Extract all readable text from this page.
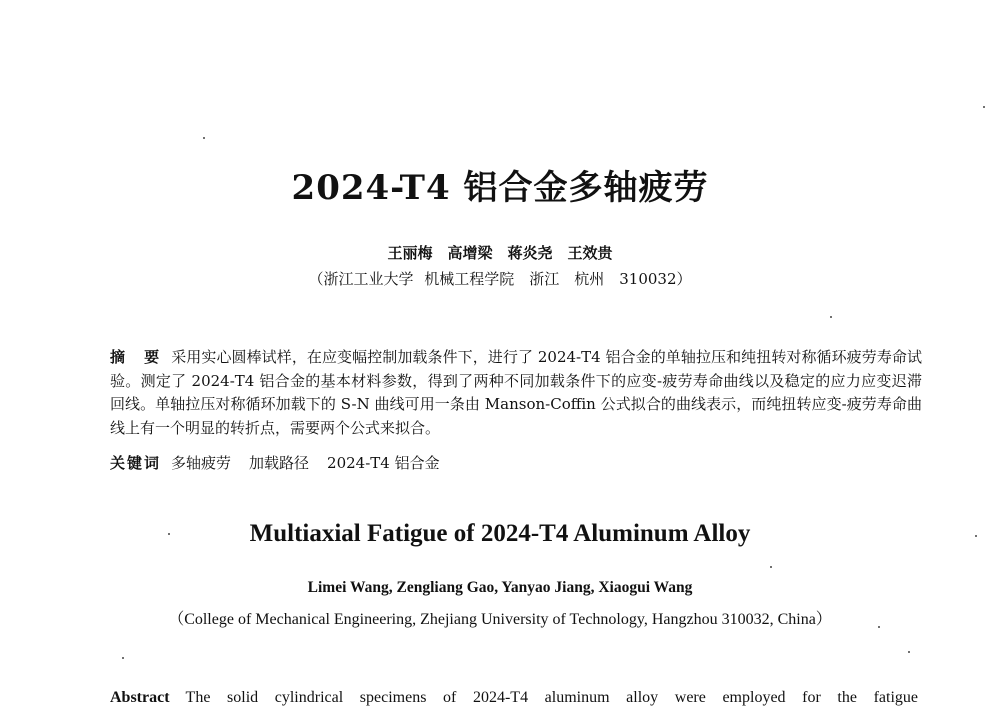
2024-T4 铝合金多轴疲劳
王丽梅　高增梁　蒋炎尧　王效贵
（浙江工业大学 机械工程学院　浙江　杭州　310032）
摘　要 采用实心圆棒试样，在应变幅控制加载条件下，进行了 2024-T4 铝合金的单轴拉压和纯扭转对称循环疲劳寿命试验。测定了 2024-T4 铝合金的基本材料参数，得到了两种不同加载条件下的应变-疲劳寿命曲线以及稳定的应力应变迟滞回线。单轴拉压对称循环加载下的 S-N 曲线可用一条由 Manson-Coffin 公式拟合的曲线表示，而纯扭转应变-疲劳寿命曲线上有一个明显的转折点，需要两个公式来拟合。
关键词 多轴疲劳 加载路径 2024-T4 铝合金
Multiaxial Fatigue of 2024-T4 Aluminum Alloy
Limei Wang, Zengliang Gao, Yanyao Jiang, Xiaogui Wang
（College of Mechanical Engineering, Zhejiang University of Technology, Hangzhou 310032, China）
Abstract The solid cylindrical specimens of 2024-T4 aluminum alloy were employed for the fatigue
